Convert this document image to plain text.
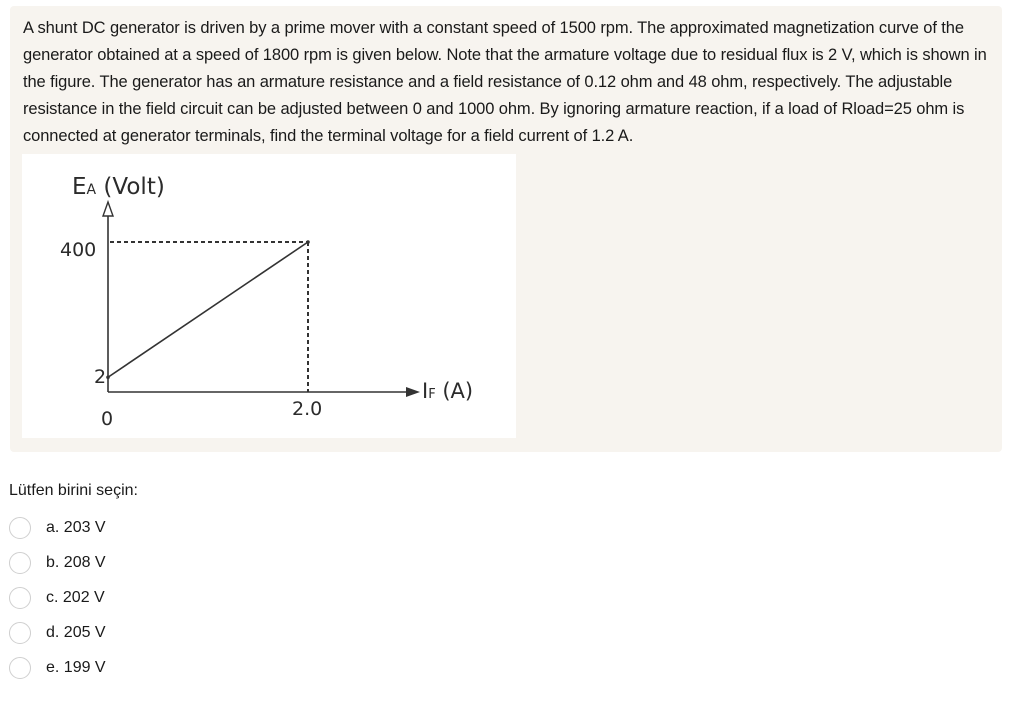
A shunt DC generator is driven by a prime mover with a constant speed of 1500 rpm. The approximated magnetization curve of the generator obtained at a speed of 1800 rpm is given below. Note that the armature voltage due to residual flux is 2 V, which is shown in the figure. The generator has an armature resistance and a field resistance of 0.12 ohm and 48 ohm, respectively. The adjustable resistance in the field circuit can be adjusted between 0 and 1000 ohm. By ignoring armature reaction, if a load of Rload=25 ohm is connected at generator terminals, find the terminal voltage for a field current of 1.2 A.

EA (Volt)
400
2
0	2.0
IF (A)

Lütfen birini seçin:

a. 203 V
b. 208 V
c. 202 V
d. 205 V
e. 199 V
